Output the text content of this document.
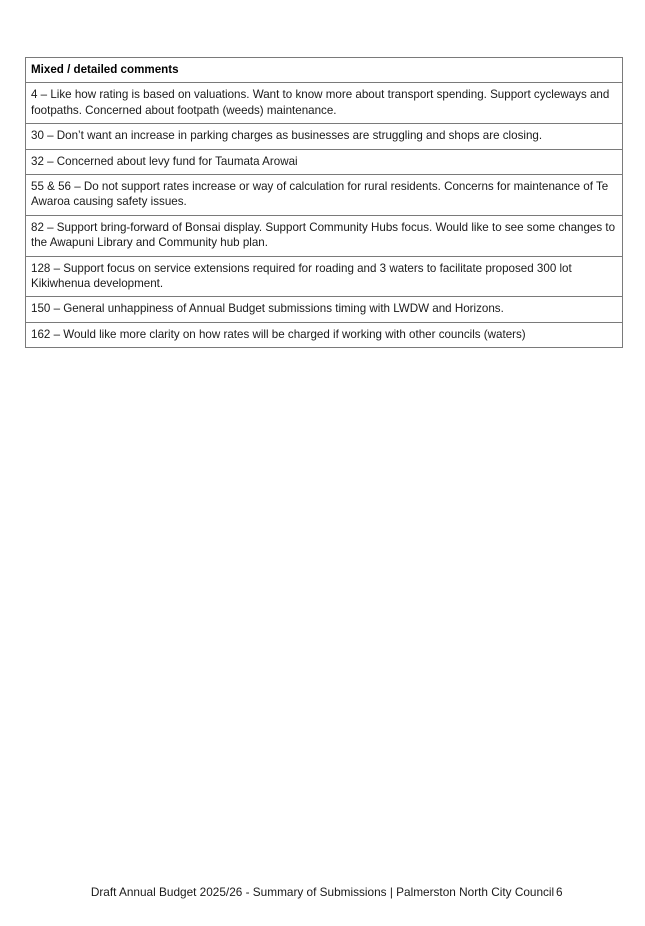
Mixed / detailed comments
4 – Like how rating is based on valuations. Want to know more about transport spending. Support cycleways and footpaths. Concerned about footpath (weeds) maintenance.
30 – Don’t want an increase in parking charges as businesses are struggling and shops are closing.
32 – Concerned about levy fund for Taumata Arowai
55 & 56 – Do not support rates increase or way of calculation for rural residents. Concerns for maintenance of Te Awaroa causing safety issues.
82 – Support bring-forward of Bonsai display. Support Community Hubs focus. Would like to see some changes to the Awapuni Library and Community hub plan.
128 – Support focus on service extensions required for roading and 3 waters to facilitate proposed 300 lot Kikiwhenua development.
150 – General unhappiness of Annual Budget submissions timing with LWDW and Horizons.
162 – Would like more clarity on how rates will be charged if working with other councils (waters)
Draft Annual Budget 2025/26 - Summary of Submissions | Palmerston North City Council 6
